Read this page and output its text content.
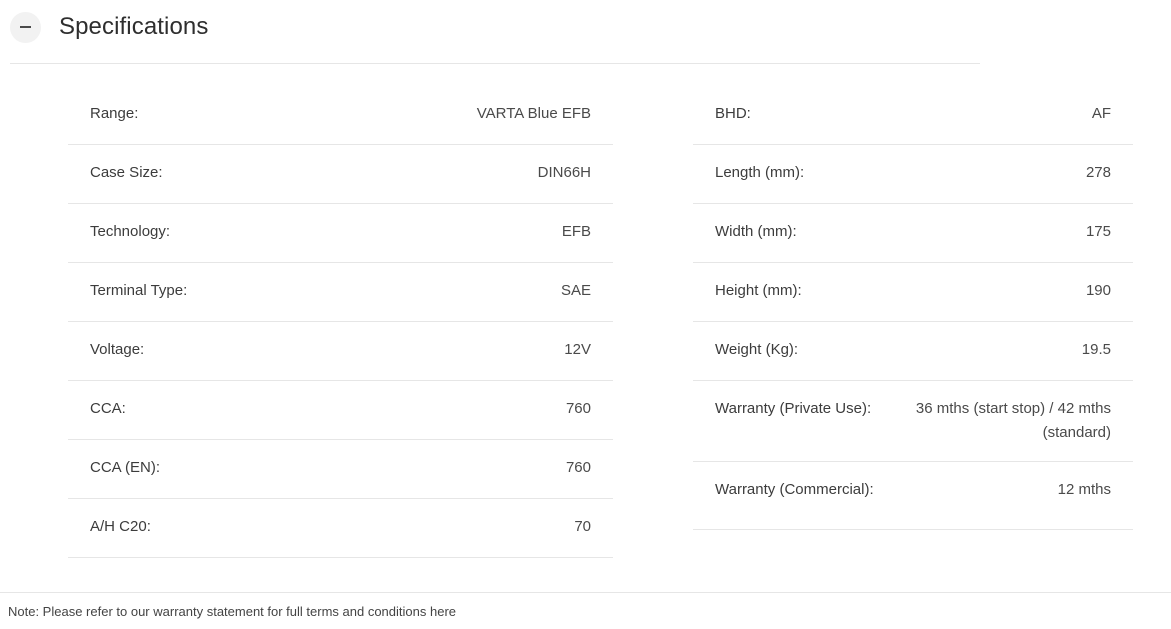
Specifications
Range:	VARTA Blue EFB
Case Size:	DIN66H
Technology:	EFB
Terminal Type:	SAE
Voltage:	12V
CCA:	760
CCA (EN):	760
A/H C20:	70
BHD:	AF
Length (mm):	278
Width (mm):	175
Height (mm):	190
Weight (Kg):	19.5
Warranty (Private Use):	36 mths (start stop) / 42 mths (standard)
Warranty (Commercial):	12 mths
Note: Please refer to our warranty statement for full terms and conditions here
